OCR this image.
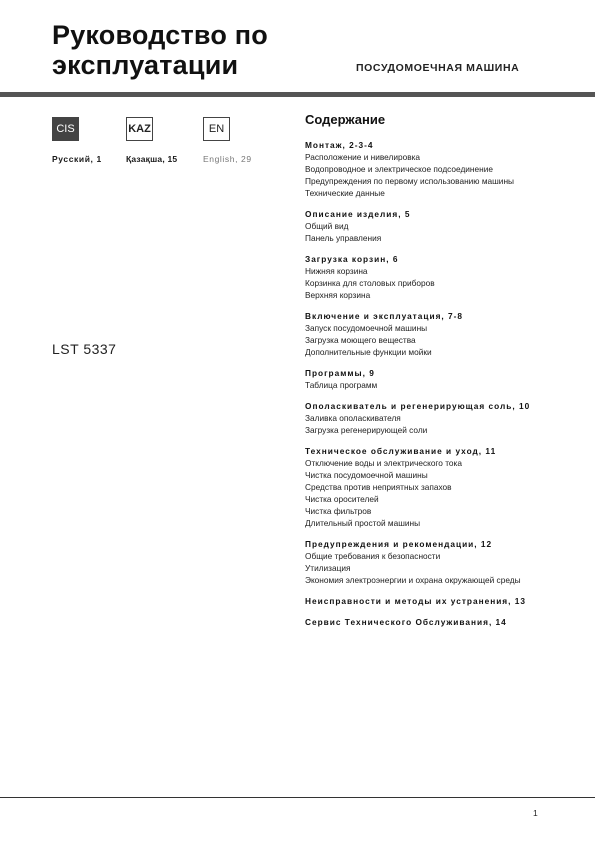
Руководство по
эксплуатации	ПОСУДОМОЕЧНАЯ МАШИНА
CIS
Русский, 1
KAZ
Қазақша, 15
EN
English, 29
LST 5337
Содержание
Монтаж, 2-3-4
Расположение и нивелировка
Водопроводное и электрическое подсоединение
Предупреждения по первому использованию машины
Технические данные
Описание изделия, 5
Общий вид
Панель управления
Загрузка корзин, 6
Нижняя корзина
Корзинка для столовых приборов
Верхняя корзина
Включение и эксплуатация, 7-8
Запуск посудомоечной машины
Загрузка моющего вещества
Дополнительные функции мойки
Программы, 9
Таблица программ
Ополаскиватель и регенерирующая соль, 10
Заливка ополаскивателя
Загрузка регенерирующей соли
Техническое обслуживание и уход, 11
Отключение воды и электрического тока
Чистка посудомоечной машины
Средства против неприятных запахов
Чистка оросителей
Чистка фильтров
Длительный простой машины
Предупреждения и рекомендации, 12
Общие требования к безопасности
Утилизация
Экономия электроэнергии и охрана окружающей среды
Неисправности и методы их устранения, 13
Сервис Технического Обслуживания, 14
1
